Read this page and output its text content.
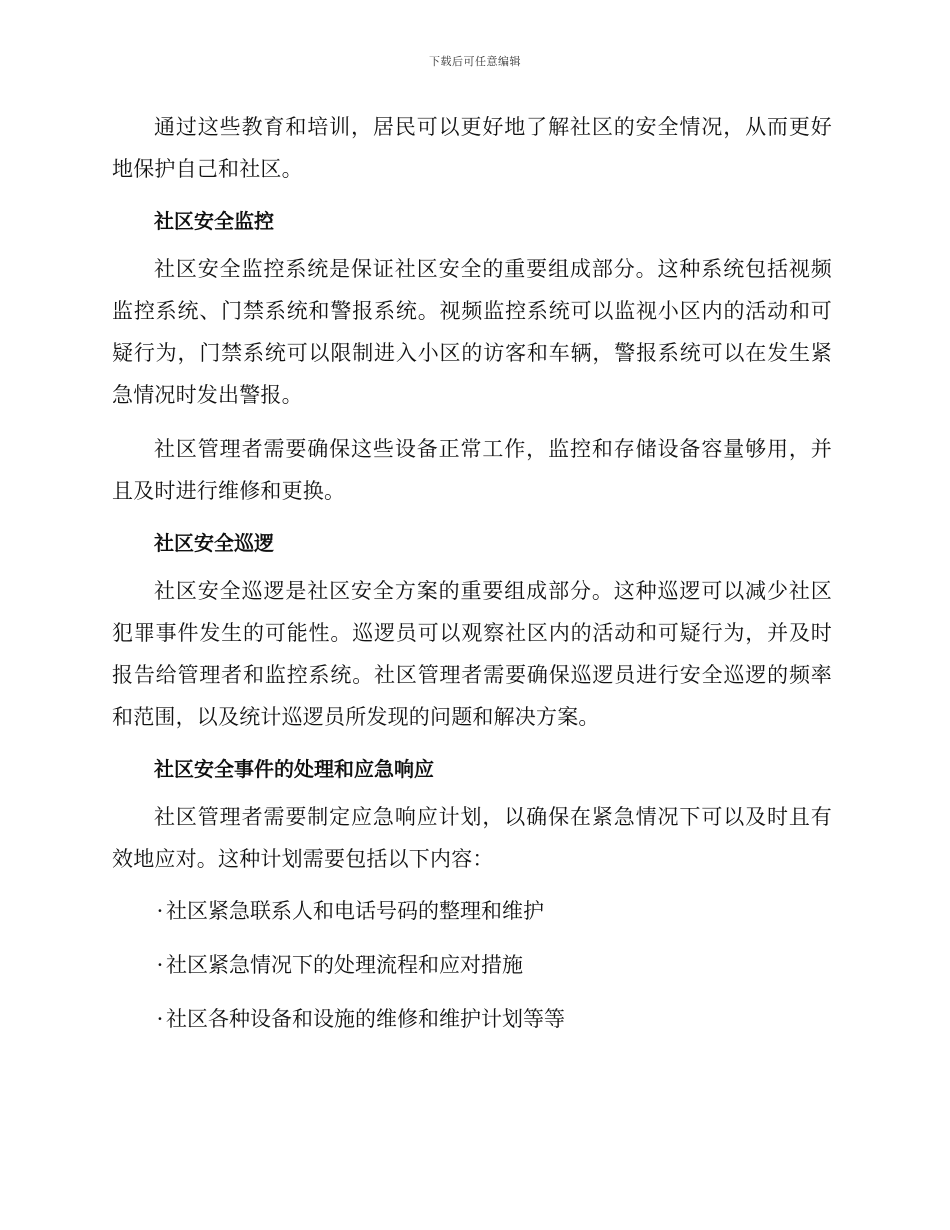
下载后可任意编辑

通过这些教育和培训，居民可以更好地了解社区的安全情况，从而更好地保护自己和社区。

社区安全监控

社区安全监控系统是保证社区安全的重要组成部分。这种系统包括视频监控系统、门禁系统和警报系统。视频监控系统可以监视小区内的活动和可疑行为，门禁系统可以限制进入小区的访客和车辆，警报系统可以在发生紧急情况时发出警报。

社区管理者需要确保这些设备正常工作，监控和存储设备容量够用，并且及时进行维修和更换。

社区安全巡逻

社区安全巡逻是社区安全方案的重要组成部分。这种巡逻可以减少社区犯罪事件发生的可能性。巡逻员可以观察社区内的活动和可疑行为，并及时报告给管理者和监控系统。社区管理者需要确保巡逻员进行安全巡逻的频率和范围，以及统计巡逻员所发现的问题和解决方案。

社区安全事件的处理和应急响应

社区管理者需要制定应急响应计划，以确保在紧急情况下可以及时且有效地应对。这种计划需要包括以下内容：

· 社区紧急联系人和电话号码的整理和维护
· 社区紧急情况下的处理流程和应对措施
· 社区各种设备和设施的维修和维护计划等等
